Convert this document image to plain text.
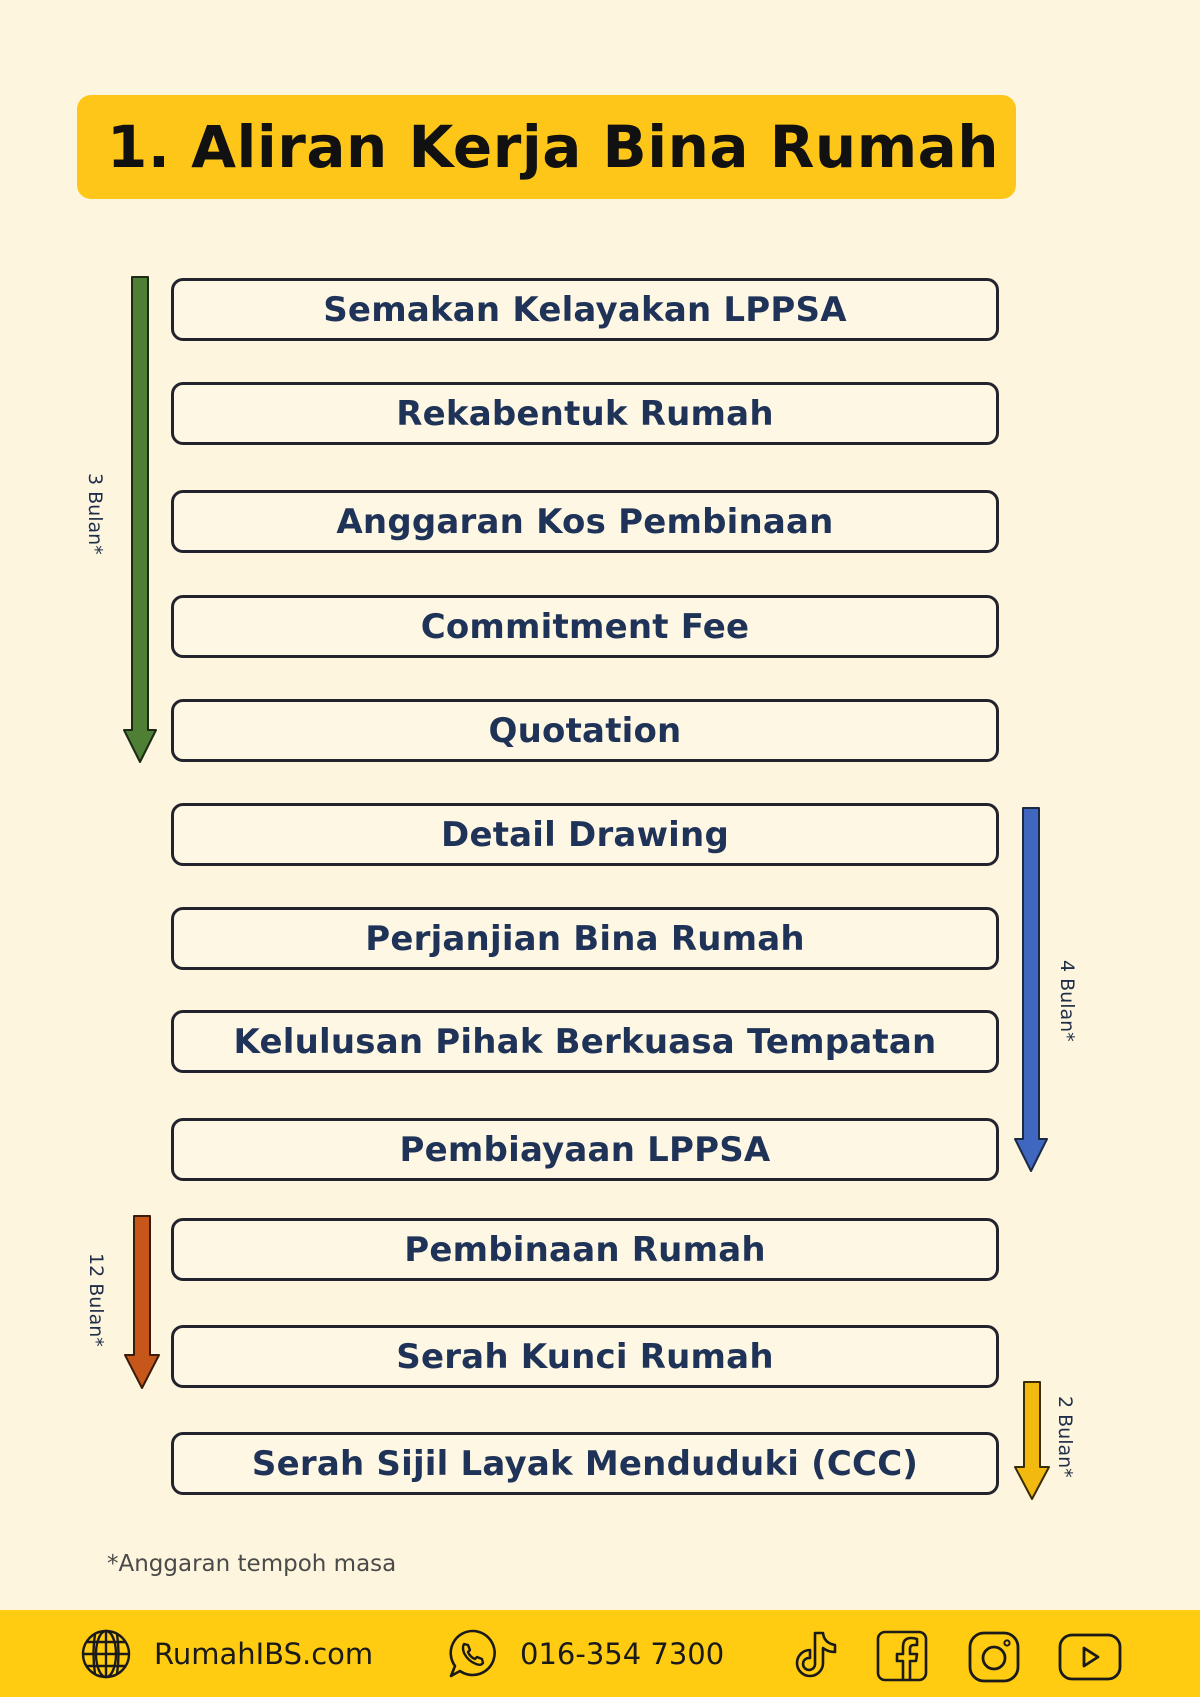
1. Aliran Kerja Bina Rumah
Semakan Kelayakan LPPSA
Rekabentuk Rumah
Anggaran Kos Pembinaan
Commitment Fee
Quotation
Detail Drawing
Perjanjian Bina Rumah
Kelulusan Pihak Berkuasa Tempatan
Pembiayaan LPPSA
Pembinaan Rumah
Serah Kunci Rumah
Serah Sijil Layak Menduduki (CCC)
3 Bulan*
4 Bulan*
12 Bulan*
2 Bulan*
*Anggaran tempoh masa
RumahIBS.com	016-354 7300
